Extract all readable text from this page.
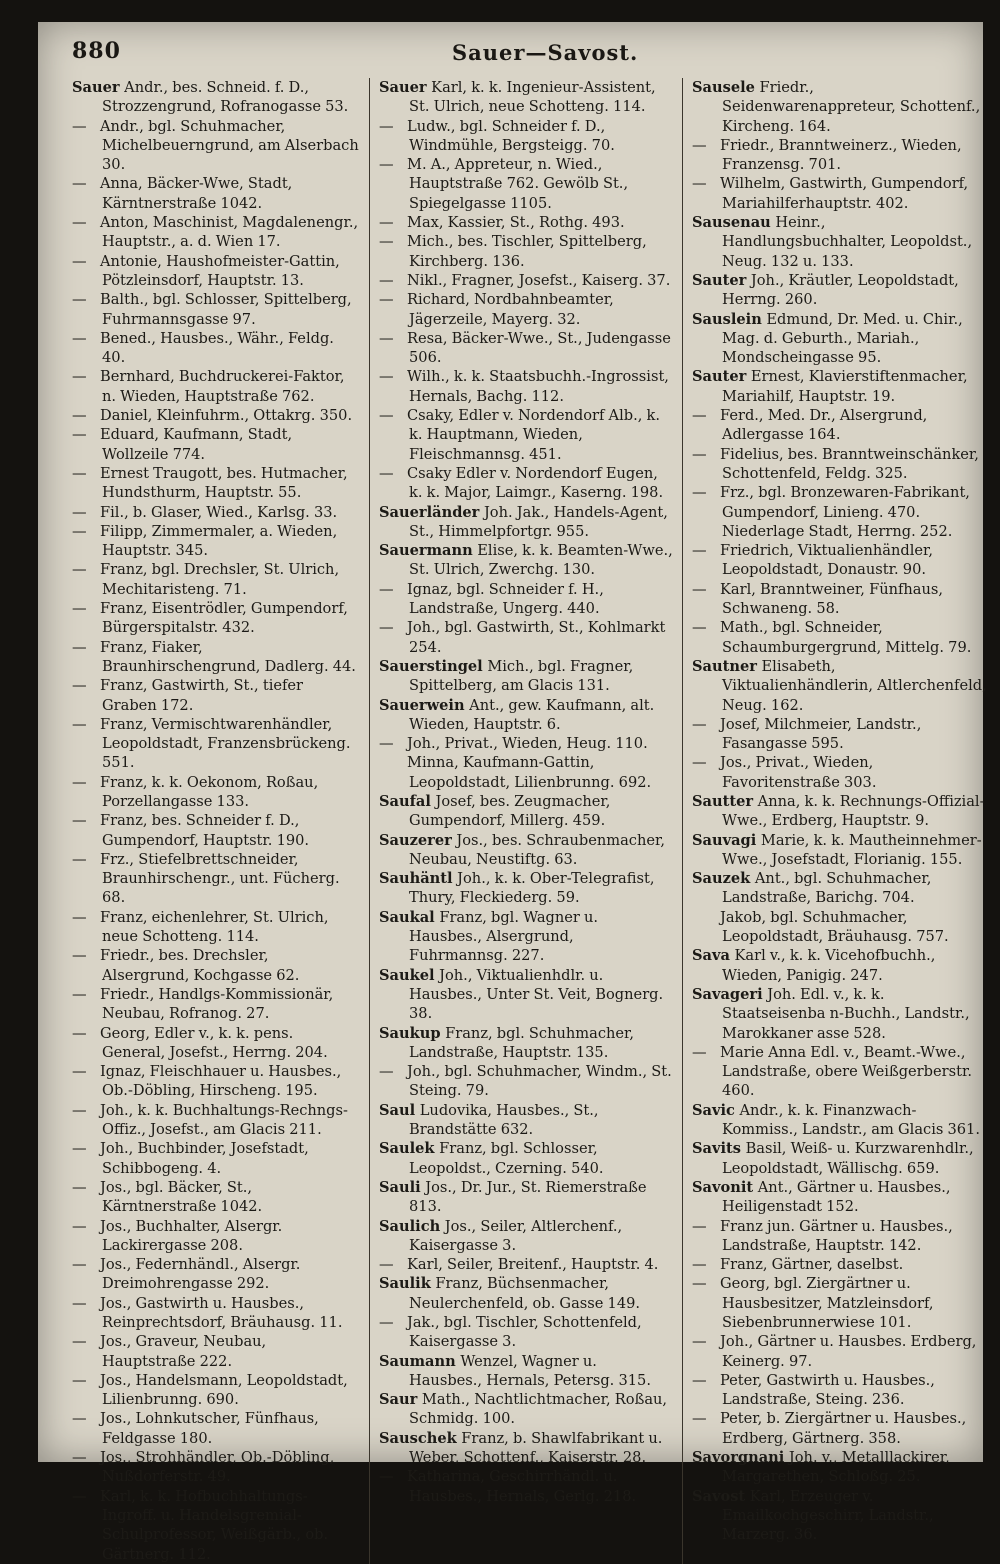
880	Sauer—Savost.
Sauer Andr., bes. Schneid. f. D., Strozzengrund, Rofranogasse 53.
— Andr., bgl. Schuhmacher, Michelbeuerngrund, am Alserbach 30.
— Anna, Bäcker-Wwe, Stadt, Kärntnerstraße 1042.
— Anton, Maschinist, Magdalenengr., Hauptstr., a. d. Wien 17.
— Antonie, Haushofmeister-Gattin, Pötzleinsdorf, Hauptstr. 13.
— Balth., bgl. Schlosser, Spittelberg, Fuhrmannsgasse 97.
— Bened., Hausbes., Währ., Feldg. 40.
— Bernhard, Buchdruckerei-Faktor, n. Wieden, Hauptstraße 762.
— Daniel, Kleinfuhrm., Ottakrg. 350.
— Eduard, Kaufmann, Stadt, Wollzeile 774.
— Ernest Traugott, bes. Hutmacher, Hundsthurm, Hauptstr. 55.
— Fil., b. Glaser, Wied., Karlsg. 33.
— Filipp, Zimmermaler, a. Wieden, Hauptstr. 345.
— Franz, bgl. Drechsler, St. Ulrich, Mechitaristeng. 71.
— Franz, Eisentrödler, Gumpendorf, Bürgerspitalstr. 432.
— Franz, Fiaker, Braunhirschengrund, Dadlerg. 44.
— Franz, Gastwirth, St., tiefer Graben 172.
— Franz, Vermischtwarenhändler, Leopoldstadt, Franzensbrückeng. 551.
— Franz, k. k. Oekonom, Roßau, Porzellangasse 133.
— Franz, bes. Schneider f. D., Gumpendorf, Hauptstr. 190.
— Frz., Stiefelbrettschneider, Braunhirschengr., unt. Fücherg. 68.
— Franz, eichenlehrer, St. Ulrich, neue Schotteng. 114.
— Friedr., bes. Drechsler, Alsergrund, Kochgasse 62.
— Friedr., Handlgs-Kommissionär, Neubau, Rofranog. 27.
— Georg, Edler v., k. k. pens. General, Josefst., Herrng. 204.
— Ignaz, Fleischhauer u. Hausbes., Ob.-Döbling, Hirscheng. 195.
— Joh., k. k. Buchhaltungs-Rechngs-Offiz., Josefst., am Glacis 211.
— Joh., Buchbinder, Josefstadt, Schibbogeng. 4.
— Jos., bgl. Bäcker, St., Kärntnerstraße 1042.
— Jos., Buchhalter, Alsergr. Lackirergasse 208.
— Jos., Federnhändl., Alsergr. Dreimohrengasse 292.
— Jos., Gastwirth u. Hausbes., Reinprechtsdorf, Bräuhausg. 11.
— Jos., Graveur, Neubau, Hauptstraße 222.
— Jos., Handelsmann, Leopoldstadt, Lilienbrunng. 690.
— Jos., Lohnkutscher, Fünfhaus, Feldgasse 180.
— Jos., Strohhändler, Ob.-Döbling, Nußdorferstr. 49.
— Karl, k. k. Hofbuchhaltungs-Ingroff. u. Handelsgremial-Schulprofessor, Weißgärb., ob. Gärtnerg. 112.
Sauer Karl, k. k. Ingenieur-Assistent, St. Ulrich, neue Schotteng. 114.
— Ludw., bgl. Schneider f. D., Windmühle, Bergsteigg. 70.
— M. A., Appreteur, n. Wied., Hauptstraße 762. Gewölb St., Spiegelgasse 1105.
— Max, Kassier, St., Rothg. 493.
— Mich., bes. Tischler, Spittelberg, Kirchberg. 136.
— Nikl., Fragner, Josefst., Kaiserg. 37.
— Richard, Nordbahnbeamter, Jägerzeile, Mayerg. 32.
— Resa, Bäcker-Wwe., St., Judengasse 506.
— Wilh., k. k. Staatsbuchh.-Ingrossist, Hernals, Bachg. 112.
— Csaky, Edler v. Nordendorf Alb., k. k. Hauptmann, Wieden, Fleischmannsg. 451.
— Csaky Edler v. Nordendorf Eugen, k. k. Major, Laimgr., Kaserng. 198.
Sauerländer Joh. Jak., Handels-Agent, St., Himmelpfortgr. 955.
Sauermann Elise, k. k. Beamten-Wwe., St. Ulrich, Zwerchg. 130.
— Ignaz, bgl. Schneider f. H., Landstraße, Ungerg. 440.
— Joh., bgl. Gastwirth, St., Kohlmarkt 254.
Sauerstingel Mich., bgl. Fragner, Spittelberg, am Glacis 131.
Sauerwein Ant., gew. Kaufmann, alt. Wieden, Hauptstr. 6.
— Joh., Privat., Wieden, Heug. 110.
Minna, Kaufmann-Gattin, Leopoldstadt, Lilienbrunng. 692.
Saufal Josef, bes. Zeugmacher, Gumpendorf, Millerg. 459.
Sauzerer Jos., bes. Schraubenmacher, Neubau, Neustiftg. 63.
Sauhäntl Joh., k. k. Ober-Telegrafist, Thury, Fleckiederg. 59.
Saukal Franz, bgl. Wagner u. Hausbes., Alsergrund, Fuhrmannsg. 227.
Saukel Joh., Viktualienhdlr. u. Hausbes., Unter St. Veit, Bognerg. 38.
Saukup Franz, bgl. Schuhmacher, Landstraße, Hauptstr. 135.
— Joh., bgl. Schuhmacher, Windm., St. Steing. 79.
Saul Ludovika, Hausbes., St., Brandstätte 632.
Saulek Franz, bgl. Schlosser, Leopoldst., Czerning. 540.
Sauli Jos., Dr. Jur., St. Riemerstraße 813.
Saulich Jos., Seiler, Altlerchenf., Kaisergasse 3.
— Karl, Seiler, Breitenf., Hauptstr. 4.
Saulik Franz, Büchsenmacher, Neulerchenfeld, ob. Gasse 149.
— Jak., bgl. Tischler, Schottenfeld, Kaisergasse 3.
Saumann Wenzel, Wagner u. Hausbes., Hernals, Petersg. 315.
Saur Math., Nachtlichtmacher, Roßau, Schmidg. 100.
Sauschek Franz, b. Shawlfabrikant u. Weber, Schottenf., Kaiserstr. 28.
— Katharina, Geschirrhändl. u. Hausbes., Hernals, Gerlg. 218.
Sausele Friedr., Seidenwarenappreteur, Schottenf., Kircheng. 164.
— Friedr., Branntweinerz., Wieden, Franzensg. 701.
— Wilhelm, Gastwirth, Gumpendorf, Mariahilferhauptstr. 402.
Sausenau Heinr., Handlungsbuchhalter, Leopoldst., Neug. 132 u. 133.
Sauter Joh., Kräutler, Leopoldstadt, Herrng. 260.
Sauslein Edmund, Dr. Med. u. Chir., Mag. d. Geburth., Mariah., Mondscheingasse 95.
Sauter Ernest, Klavierstiftenmacher, Mariahilf, Hauptstr. 19.
— Ferd., Med. Dr., Alsergrund, Adlergasse 164.
— Fidelius, bes. Branntweinschänker, Schottenfeld, Feldg. 325.
— Frz., bgl. Bronzewaren-Fabrikant, Gumpendorf, Linieng. 470. Niederlage Stadt, Herrng. 252.
— Friedrich, Viktualienhändler, Leopoldstadt, Donaustr. 90.
— Karl, Branntweiner, Fünfhaus, Schwaneng. 58.
— Math., bgl. Schneider, Schaumburgergrund, Mittelg. 79.
Sautner Elisabeth, Viktualienhändlerin, Altlerchenfeld, Neug. 162.
— Josef, Milchmeier, Landstr., Fasangasse 595.
— Jos., Privat., Wieden, Favoritenstraße 303.
Sautter Anna, k. k. Rechnungs-Offizial-Wwe., Erdberg, Hauptstr. 9.
Sauvagi Marie, k. k. Mautheinnehmer-Wwe., Josefstadt, Florianig. 155.
Sauzek Ant., bgl. Schuhmacher, Landstraße, Barichg. 704.
Jakob, bgl. Schuhmacher, Leopoldstadt, Bräuhausg. 757.
Sava Karl v., k. k. Vicehofbuchh., Wieden, Panigig. 247.
Savageri Joh. Edl. v., k. k. Staatseisenba n-Buchh., Landstr., Marokkaner asse 528.
— Marie Anna Edl. v., Beamt.-Wwe., Landstraße, obere Weißgerberstr. 460.
Savic Andr., k. k. Finanzwach-Kommiss., Landstr., am Glacis 361.
Savits Basil, Weiß- u. Kurzwarenhdlr., Leopoldstadt, Wällischg. 659.
Savonit Ant., Gärtner u. Hausbes., Heiligenstadt 152.
— Franz jun. Gärtner u. Hausbes., Landstraße, Hauptstr. 142.
— Franz, Gärtner, daselbst.
— Georg, bgl. Ziergärtner u. Hausbesitzer, Matzleinsdorf, Siebenbrunnerwiese 101.
— Joh., Gärtner u. Hausbes. Erdberg, Keinerg. 97.
— Peter, Gastwirth u. Hausbes., Landstraße, Steing. 236.
— Peter, b. Ziergärtner u. Hausbes., Erdberg, Gärtnerg. 358.
Savorgnani Joh. v., Metalllackirer, Margarethen, Schloßg. 25.
Savost Karl, Erzeuger v. Emailkochgeschirr, Landstr., Marzerg. 36.
